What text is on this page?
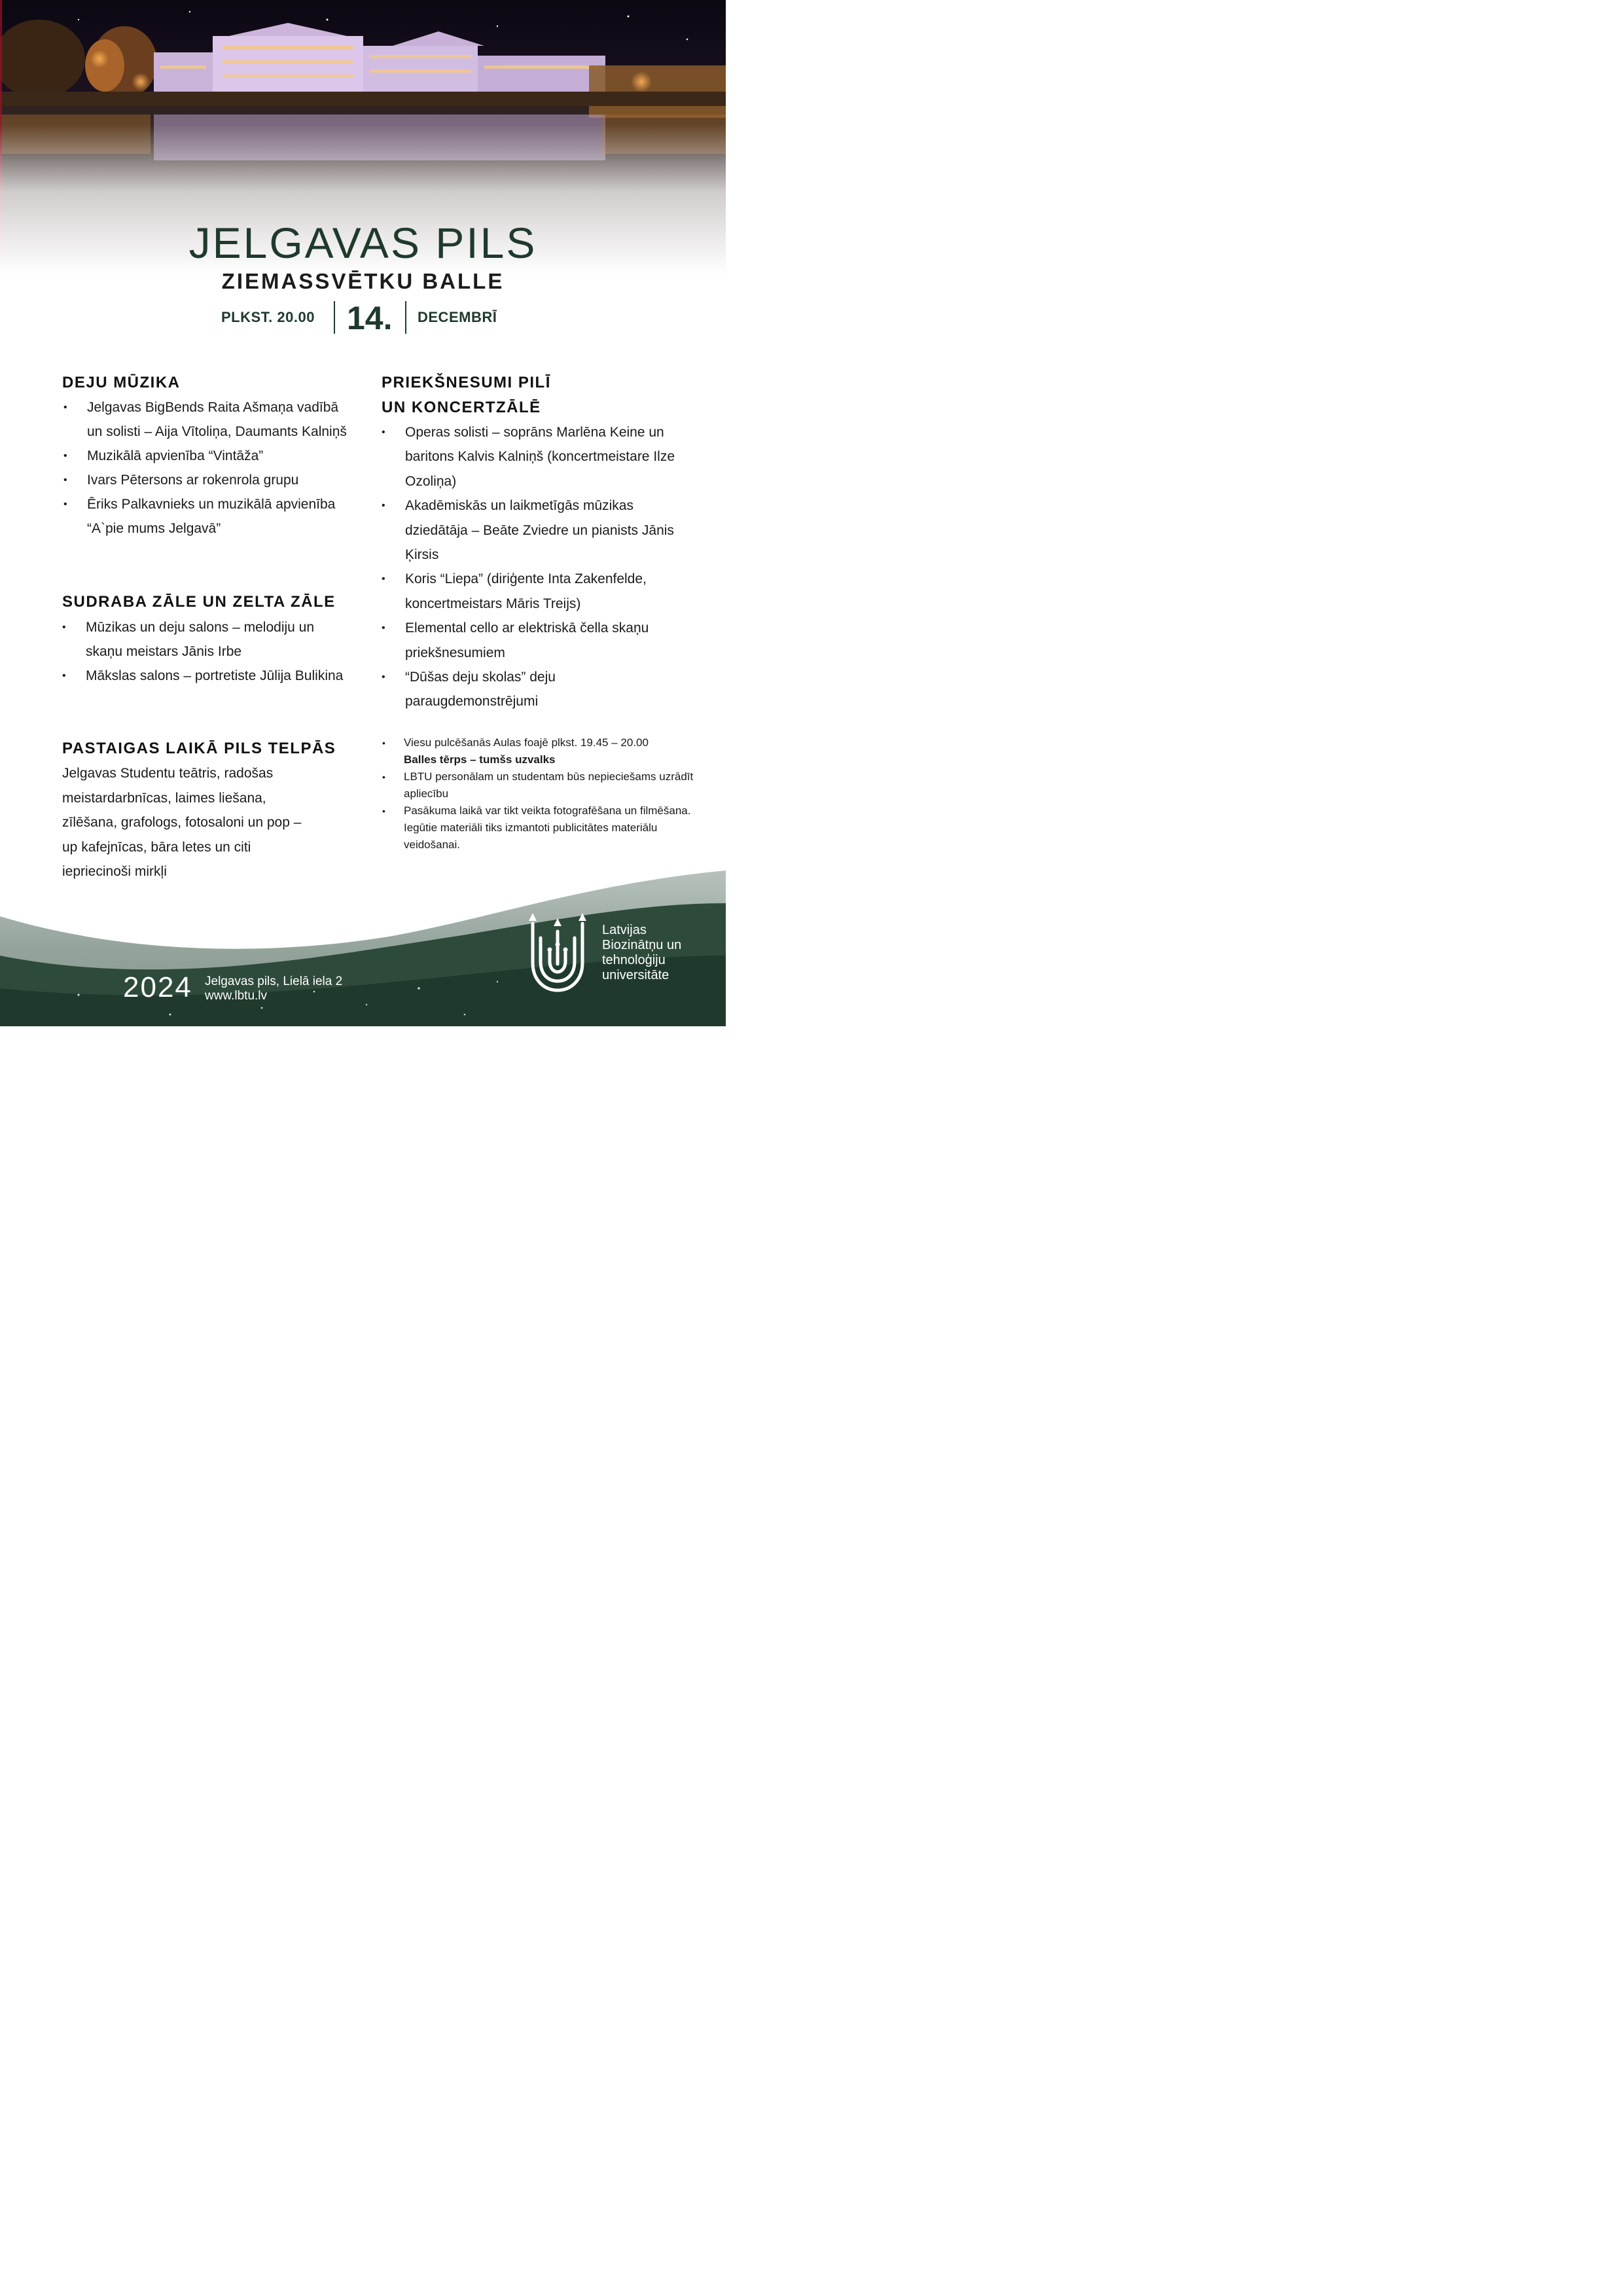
JELGAVAS PILS
ZIEMASSVĒTKU BALLE
PLKST. 20.00 14. DECEMBRĪ
DEJU MŪZIKA
• Jelgavas BigBends Raita Ašmaņa vadībā un solisti – Aija Vītoliņa, Daumants Kalniņš
• Muzikālā apvienība “Vintāža”
• Ivars Pētersons ar rokenrola grupu
• Ēriks Palkavnieks un muzikālā apvienība “A`pie mums Jelgavā”
SUDRABA ZĀLE UN ZELTA ZĀLE
• Mūzikas un deju salons – melodiju un skaņu meistars Jānis Irbe
• Mākslas salons – portretiste Jūlija Bulikina
PASTAIGAS LAIKĀ PILS TELPĀS
Jelgavas Studentu teātris, radošas meistardarbnīcas, laimes liešana, zīlēšana, grafologs, fotosaloni un pop – up kafejnīcas, bāra letes un citi iepriecinoši mirkļi
PRIEKŠNESUMI PILĪ
UN KONCERTZĀLĒ
• Operas solisti – soprāns Marlēna Keine un baritons Kalvis Kalniņš (koncertmeistare Ilze Ozoliņa)
• Akadēmiskās un laikmetīgās mūzikas dziedātāja – Beāte Zviedre un pianists Jānis Ķirsis
• Koris “Liepa” (diriģente Inta Zakenfelde, koncertmeistars Māris Treijs)
• Elemental cello ar elektriskā čella skaņu priekšnesumiem
• “Dūšas deju skolas” deju paraugdemonstrējumi
• Viesu pulcēšanās Aulas foajē plkst. 19.45 – 20.00
Balles tērps – tumšs uzvalks
• LBTU personālam un studentam būs nepieciešams uzrādīt apliecību
• Pasākuma laikā var tikt veikta fotografēšana un filmēšana. Iegūtie materiāli tiks izmantoti publicitātes materiālu veidošanai.
2024 Jelgavas pils, Lielā iela 2
www.lbtu.lv
Latvijas
Biozinātņu un
tehnoloģiju
universitāte
